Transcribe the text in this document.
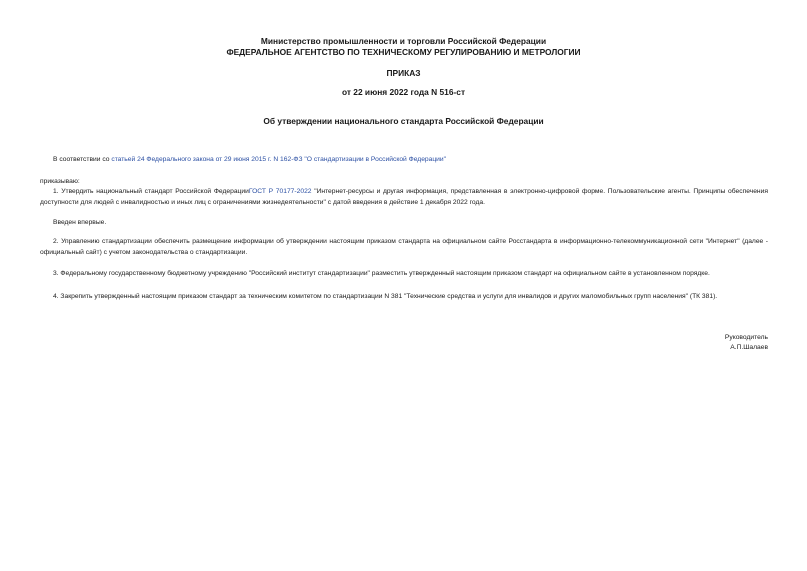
Министерство промышленности и торговли Российской Федерации
ФЕДЕРАЛЬНОЕ АГЕНТСТВО ПО ТЕХНИЧЕСКОМУ РЕГУЛИРОВАНИЮ И МЕТРОЛОГИИ
ПРИКАЗ
от 22 июня 2022 года N 516-ст
Об утверждении национального стандарта Российской Федерации
В соответствии со статьей 24 Федерального закона от 29 июня 2015 г. N 162-ФЗ "О стандартизации в Российской Федерации"
приказываю:
1. Утвердить национальный стандарт Российской ФедерацииГОСТ Р 70177-2022 "Интернет-ресурсы и другая информация, представленная в электронно-цифровой форме. Пользовательские агенты. Принципы обеспечения доступности для людей с инвалидностью и иных лиц с ограничениями жизнедеятельности" с датой введения в действие 1 декабря 2022 года.
Введен впервые.
2. Управлению стандартизации обеспечить размещение информации об утверждении настоящим приказом стандарта на официальном сайте Росстандарта в информационно-телекоммуникационной сети "Интернет" (далее - официальный сайт) с учетом законодательства о стандартизации.
3. Федеральному государственному бюджетному учреждению "Российский институт стандартизации" разместить утвержденный настоящим приказом стандарт на официальном сайте в установленном порядке.
4. Закрепить утвержденный настоящим приказом стандарт за техническим комитетом по стандартизации N 381 "Технические средства и услуги для инвалидов и других маломобильных групп населения" (ТК 381).
Руководитель
А.П.Шалаев
